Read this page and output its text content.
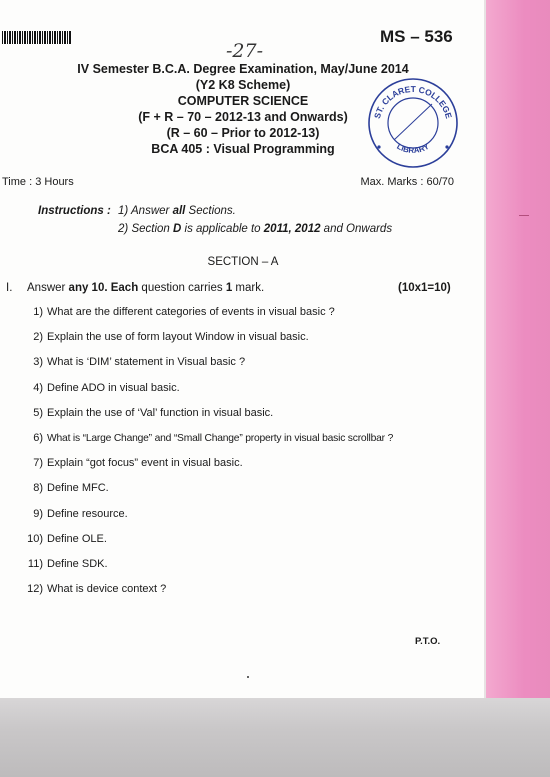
MS – 536
-27-
IV Semester B.C.A. Degree Examination, May/June 2014
(Y2 K8 Scheme)
COMPUTER SCIENCE
(F + R – 70 – 2012-13 and Onwards)
(R – 60 – Prior to 2012-13)
BCA 405 : Visual Programming
ST. CLARET COLLEGE
LIBRARY
Time : 3 Hours	Max. Marks : 60/70
Instructions : 1) Answer all Sections.
2) Section D is applicable to 2011, 2012 and Onwards
SECTION – A
I. Answer any 10. Each question carries 1 mark.	(10x1=10)
1) What are the different categories of events in visual basic ?
2) Explain the use of form layout Window in visual basic.
3) What is ‘DIM’ statement in Visual basic ?
4) Define ADO in visual basic.
5) Explain the use of ‘Val’ function in visual basic.
6) What is “Large Change” and “Small Change” property in visual basic scrollbar ?
7) Explain “got focus” event in visual basic.
8) Define MFC.
9) Define resource.
10) Define OLE.
11) Define SDK.
12) What is device context ?
P.T.O.
